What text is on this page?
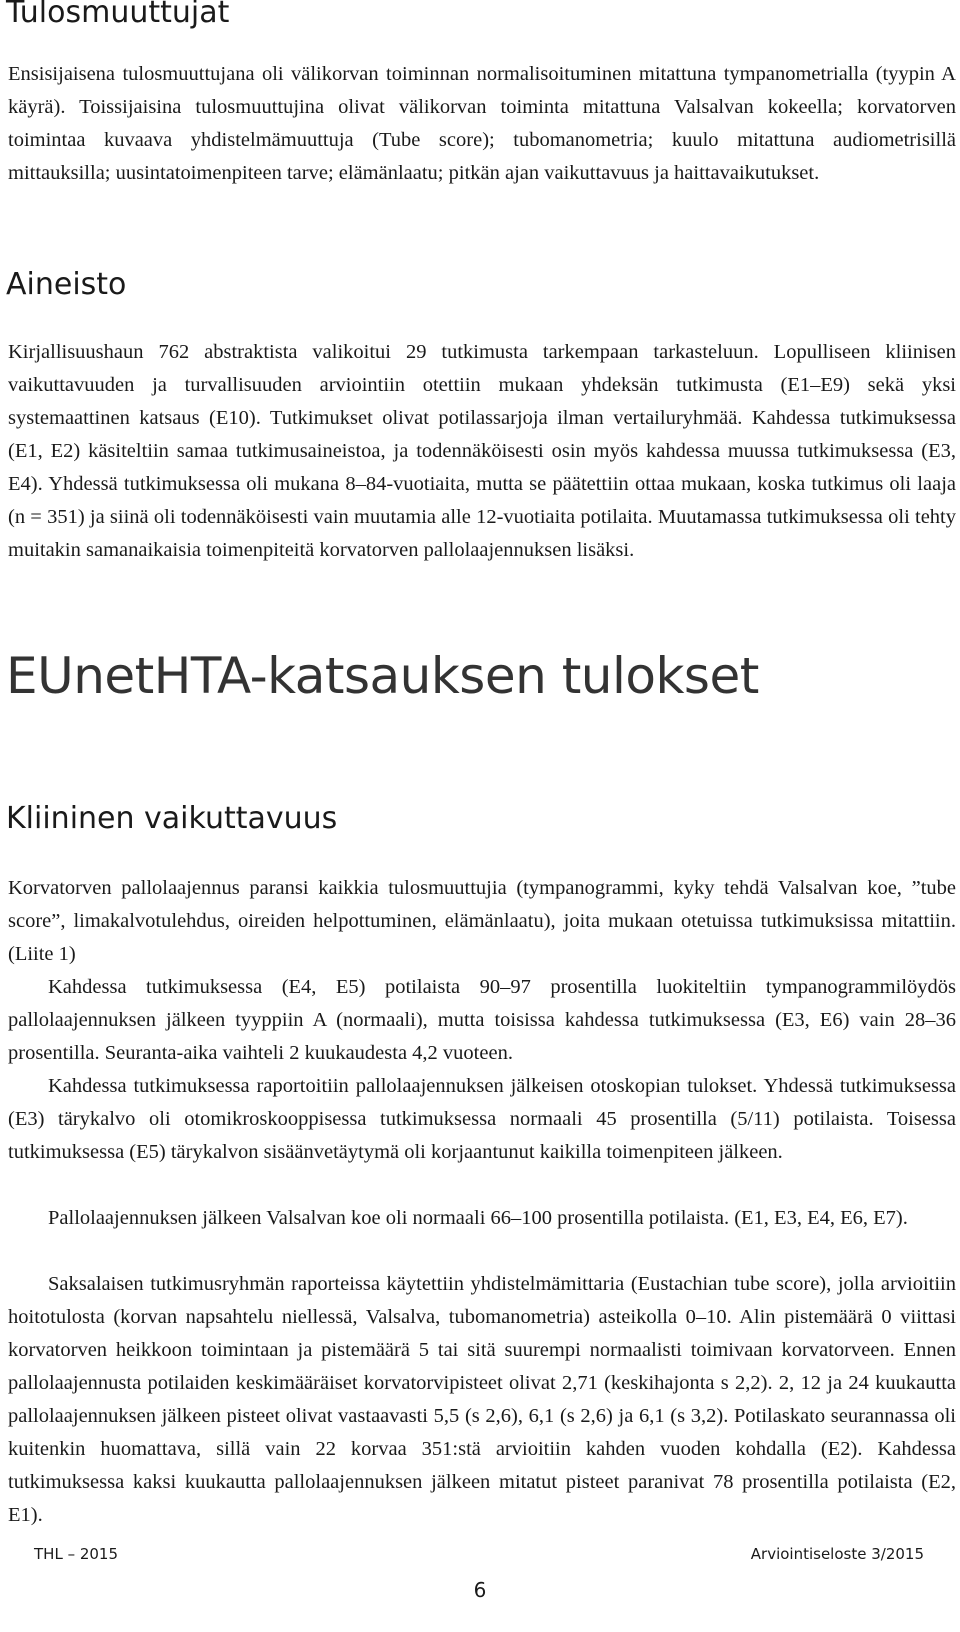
Tulosmuuttujat

Ensisijaisena tulosmuuttujana oli välikorvan toiminnan normalisoituminen mitattuna tympanometrialla (tyypin A käyrä). Toissijaisina tulosmuuttujina olivat välikorvan toiminta mitattuna Valsalvan kokeella; korvatorven toimintaa kuvaava yhdistelmämuuttuja (Tube score); tubomanometria; kuulo mitattuna audiometrisillä mittauksilla; uusintatoimenpiteen tarve; elämänlaatu; pitkän ajan vaikuttavuus ja haittavaikutukset.

Aineisto

Kirjallisuushaun 762 abstraktista valikoitui 29 tutkimusta tarkempaan tarkasteluun. Lopulliseen kliinisen vaikuttavuuden ja turvallisuuden arviointiin otettiin mukaan yhdeksän tutkimusta (E1–E9) sekä yksi systemaattinen katsaus (E10). Tutkimukset olivat potilassarjoja ilman vertailuryhmää. Kahdessa tutkimuksessa (E1, E2) käsiteltiin samaa tutkimusaineistoa, ja todennäköisesti osin myös kahdessa muussa tutkimuksessa (E3, E4). Yhdessä tutkimuksessa oli mukana 8–84-vuotiaita, mutta se päätettiin ottaa mukaan, koska tutkimus oli laaja (n = 351) ja siinä oli todennäköisesti vain muutamia alle 12-vuotiaita potilaita. Muutamassa tutkimuksessa oli tehty muitakin samanaikaisia toimenpiteitä korvatorven pallolaajennuksen lisäksi.

EUnetHTA-katsauksen tulokset
Kliininen vaikuttavuus

Korvatorven pallolaajennus paransi kaikkia tulosmuuttujia (tympanogrammi, kyky tehdä Valsalvan koe, ”tube score”, limakalvotulehdus, oireiden helpottuminen, elämänlaatu), joita mukaan otetuissa tutkimuksissa mitattiin. (Liite 1)

Kahdessa tutkimuksessa (E4, E5) potilaista 90–97 prosentilla luokiteltiin tympanogrammilöydös pallolaajennuksen jälkeen tyyppiin A (normaali), mutta toisissa kahdessa tutkimuksessa (E3, E6) vain 28–36 prosentilla. Seuranta-aika vaihteli 2 kuukaudesta 4,2 vuoteen.

Kahdessa tutkimuksessa raportoitiin pallolaajennuksen jälkeisen otoskopian tulokset. Yhdessä tutkimuksessa (E3) tärykalvo oli otomikroskooppisessa tutkimuksessa normaali 45 prosentilla (5/11) potilaista. Toisessa tutkimuksessa (E5) tärykalvon sisäänvetäytymä oli korjaantunut kaikilla toimenpiteen jälkeen.

Pallolaajennuksen jälkeen Valsalvan koe oli normaali 66–100 prosentilla potilaista. (E1, E3, E4, E6, E7).

Saksalaisen tutkimusryhmän raporteissa käytettiin yhdistelmämittaria (Eustachian tube score), jolla arvioitiin hoitotulosta (korvan napsahtelu niellessä, Valsalva, tubomanometria) asteikolla 0–10. Alin pistemäärä 0 viittasi korvatorven heikkoon toimintaan ja pistemäärä 5 tai sitä suurempi normaalisti toimivaan korvatorveen. Ennen pallolaajennusta potilaiden keskimääräiset korvatorvipisteet olivat 2,71 (keskihajonta s 2,2). 2, 12 ja 24 kuukautta pallolaajennuksen jälkeen pisteet olivat vastaavasti 5,5 (s 2,6), 6,1 (s 2,6) ja 6,1 (s 3,2). Potilaskato seurannassa oli kuitenkin huomattava, sillä vain 22 korvaa 351:stä arvioitiin kahden vuoden kohdalla (E2). Kahdessa tutkimuksessa kaksi kuukautta pallolaajennuksen jälkeen mitatut pisteet paranivat 78 prosentilla potilaista (E2, E1).

THL – 2015	Arviointiseloste 3/2015
6
